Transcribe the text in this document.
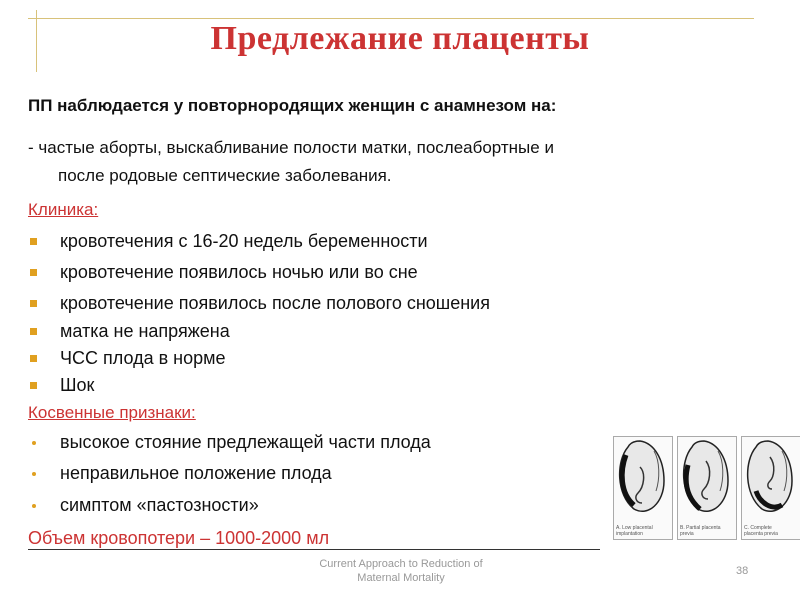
Предлежание плаценты
ПП наблюдается у повторнородящих женщин с анамнезом на:
- частые аборты, выскабливание полости матки, послеабортные и
после родовые септические заболевания.
Клиника:
кровотечения с 16-20 недель беременности
кровотечение появилось ночью или во сне
кровотечение появилось после полового сношения
матка не напряжена
ЧСС плода в норме
Шок
Косвенные признаки:
высокое стояние предлежащей части плода
неправильное положение плода
симптом «пастозности»
Объем кровопотери – 1000-2000 мл	A. Low placental
implantation
B. Partial placenta
previa
C. Complete
placenta previa
Current Approach to Reduction of
Maternal Mortality
38
